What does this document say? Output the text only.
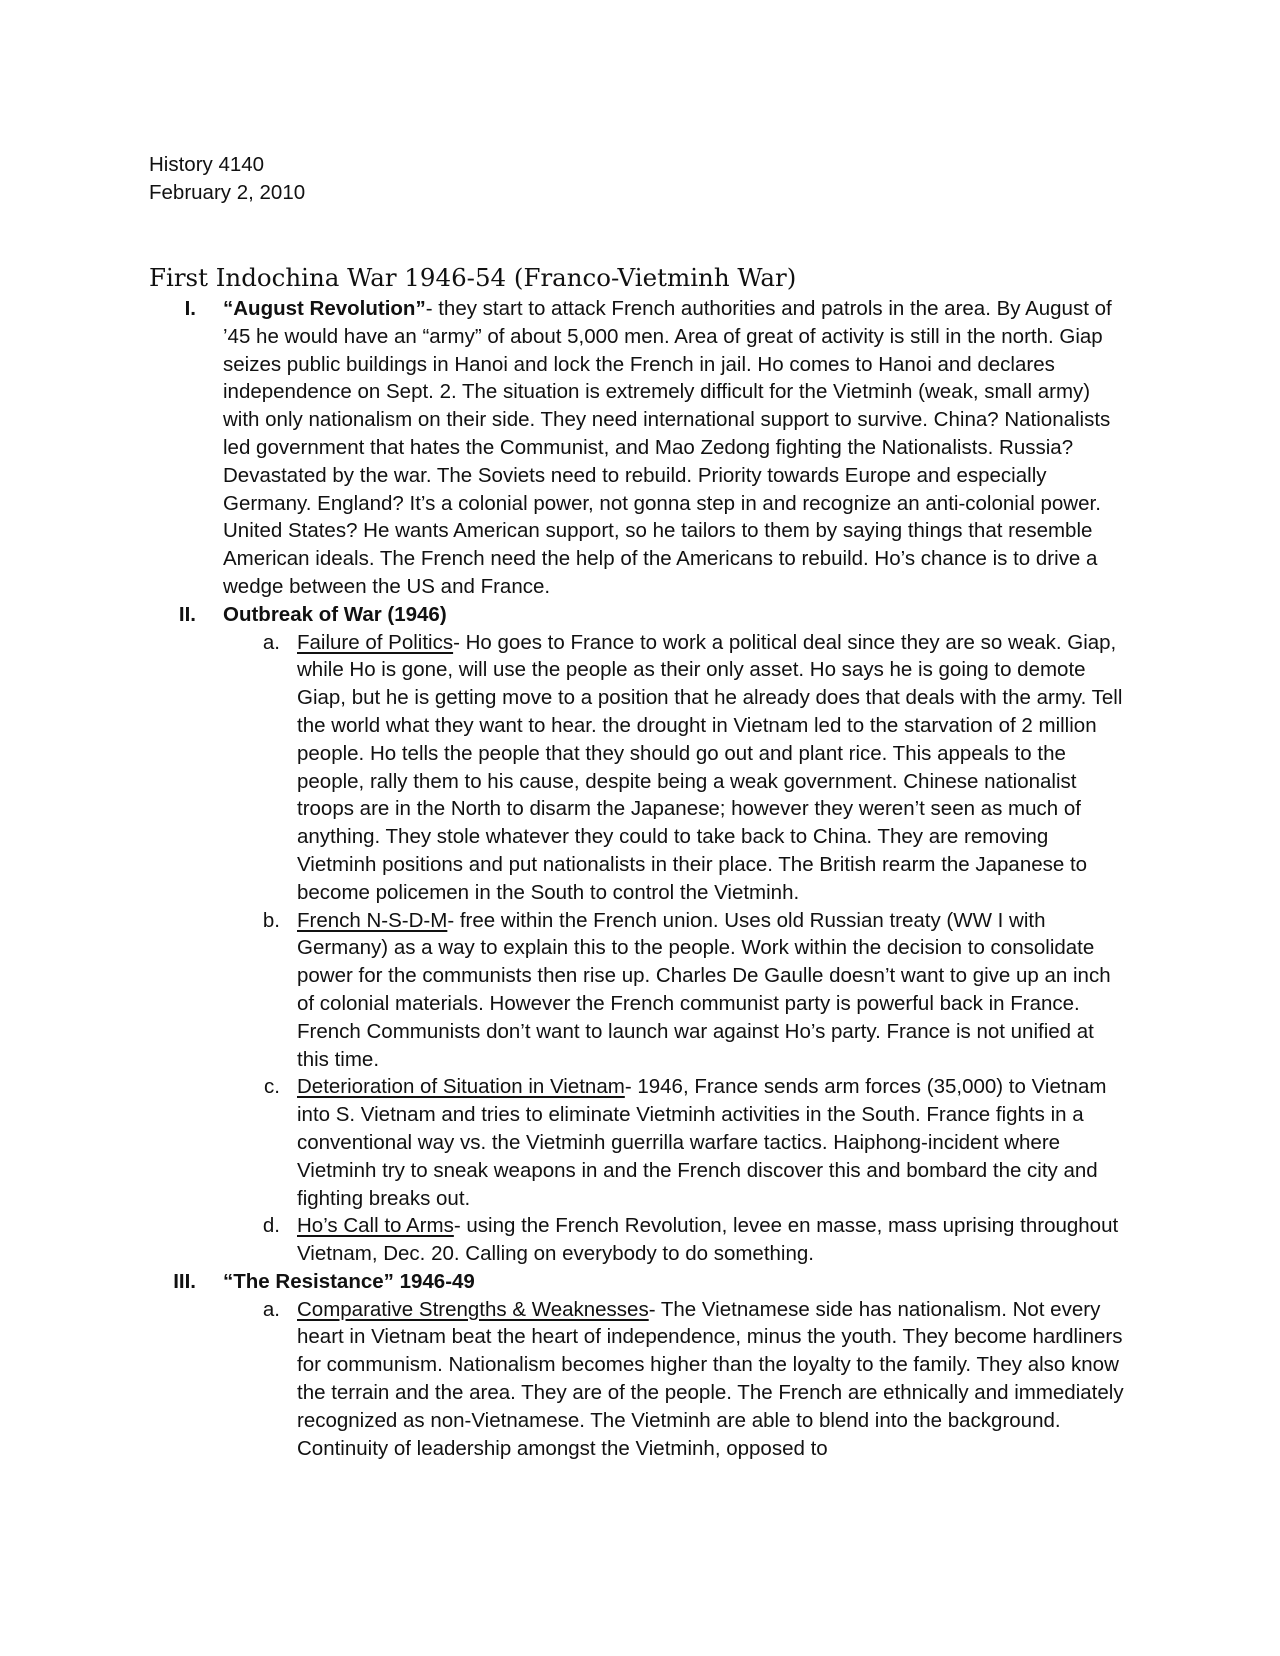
History 4140

February 2, 2010

First Indochina War 1946-54 (Franco-Vietminh War)
I. “August Revolution”- they start to attack French authorities and patrols in the area. By August of ’45 he would have an “army” of about 5,000 men. Area of great of activity is still in the north. Giap seizes public buildings in Hanoi and lock the French in jail. Ho comes to Hanoi and declares independence on Sept. 2. The situation is extremely difficult for the Vietminh (weak, small army) with only nationalism on their side. They need international support to survive. China? Nationalists led government that hates the Communist, and Mao Zedong fighting the Nationalists. Russia? Devastated by the war. The Soviets need to rebuild. Priority towards Europe and especially Germany. England? It’s a colonial power, not gonna step in and recognize an anti-colonial power. United States? He wants American support, so he tailors to them by saying things that resemble American ideals. The French need the help of the Americans to rebuild. Ho’s chance is to drive a wedge between the US and France.

II. Outbreak of War (1946)

a. Failure of Politics- Ho goes to France to work a political deal since they are so weak. Giap, while Ho is gone, will use the people as their only asset. Ho says he is going to demote Giap, but he is getting move to a position that he already does that deals with the army. Tell the world what they want to hear. the drought in Vietnam led to the starvation of 2 million people. Ho tells the people that they should go out and plant rice. This appeals to the people, rally them to his cause, despite being a weak government. Chinese nationalist troops are in the North to disarm the Japanese; however they weren’t seen as much of anything. They stole whatever they could to take back to China. They are removing Vietminh positions and put nationalists in their place. The British rearm the Japanese to become policemen in the South to control the Vietminh.

b. French N-S-D-M- free within the French union. Uses old Russian treaty (WW I with Germany) as a way to explain this to the people. Work within the decision to consolidate power for the communists then rise up. Charles De Gaulle doesn’t want to give up an inch of colonial materials. However the French communist party is powerful back in France. French Communists don’t want to launch war against Ho’s party. France is not unified at this time.

c. Deterioration of Situation in Vietnam- 1946, France sends arm forces (35,000) to Vietnam into S. Vietnam and tries to eliminate Vietminh activities in the South. France fights in a conventional way vs. the Vietminh guerrilla warfare tactics. Haiphong-incident where Vietminh try to sneak weapons in and the French discover this and bombard the city and fighting breaks out.

d. Ho’s Call to Arms- using the French Revolution, levee en masse, mass uprising throughout Vietnam, Dec. 20. Calling on everybody to do something.

III. “The Resistance” 1946-49

a. Comparative Strengths & Weaknesses- The Vietnamese side has nationalism. Not every heart in Vietnam beat the heart of independence, minus the youth. They become hardliners for communism. Nationalism becomes higher than the loyalty to the family. They also know the terrain and the area. They are of the people. The French are ethnically and immediately recognized as non-Vietnamese. The Vietminh are able to blend into the background. Continuity of leadership amongst the Vietminh, opposed to
